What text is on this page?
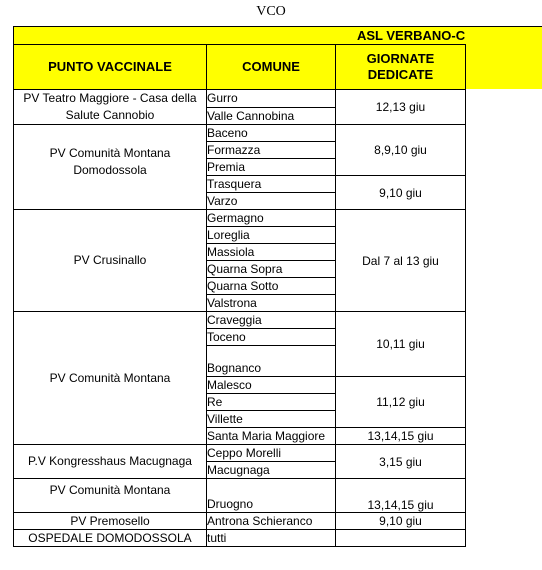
VCO
ASL VERBANO-C
PUNTO VACCINALE	COMUNE	GIORNATE
DEDICATE
PV Teatro Maggiore - Casa della
Salute Cannobio	Gurro	12,13 giu
	Valle Cannobina	
PV Comunità Montana
Domodossola	Baceno	8,9,10 giu
	Formazza	
	Premia	
	Trasquera	9,10 giu
	Varzo	
PV Crusinallo	Germagno	Dal 7 al 13 giu
	Loreglia	
	Massiola	
	Quarna Sopra	
	Quarna Sotto	
	Valstrona	
PV Comunità Montana	Craveggia	10,11 giu
	Toceno	
	Bognanco	
	Malesco	11,12 giu
	Re	
	Villette	
	Santa Maria Maggiore	13,14,15 giu
P.V Kongresshaus Macugnaga	Ceppo Morelli	3,15 giu
	Macugnaga	
PV Comunità Montana	Druogno	13,14,15 giu
PV Premosello	Antrona Schieranco	9,10 giu
OSPEDALE DOMODOSSOLA	tutti	
